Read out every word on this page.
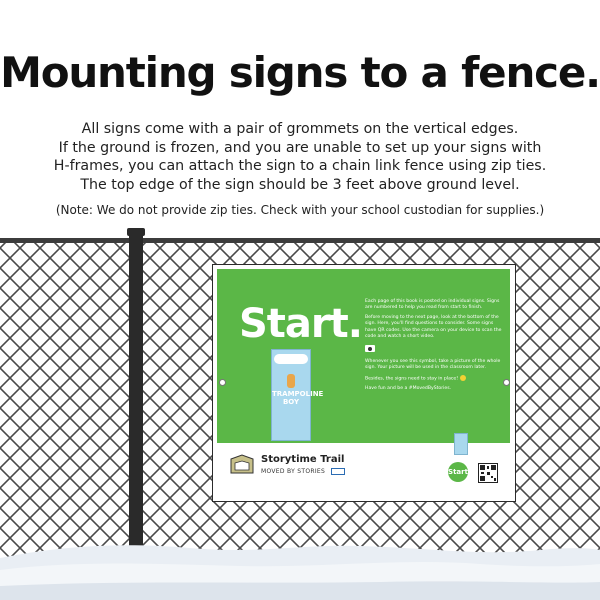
Mounting signs to a fence.
All signs come with a pair of grommets on the vertical edges.
If the ground is frozen, and you are unable to set up your signs with
H-frames, you can attach the sign to a chain link fence using zip ties.
The top edge of the sign should be 3 feet above ground level.
(Note: We do not provide zip ties. Check with your school custodian for supplies.)
Start.
TRAMPOLINE BOY

Each page of this book is posted on individual signs. Signs are numbered to help you read from start to finish.

Before moving to the next page, look at the bottom of the sign. Here, you'll find questions to consider. Some signs have QR codes. Use the camera on your device to scan the code and watch a short video.

Whenever you see this symbol, take a picture of the whole sign. Your picture will be used in the classroom later.

Besides, the signs need to stay in place!

Have fun and be a #MovedByStories.

Storytime Trail
MOVED BY STORIES	Start
